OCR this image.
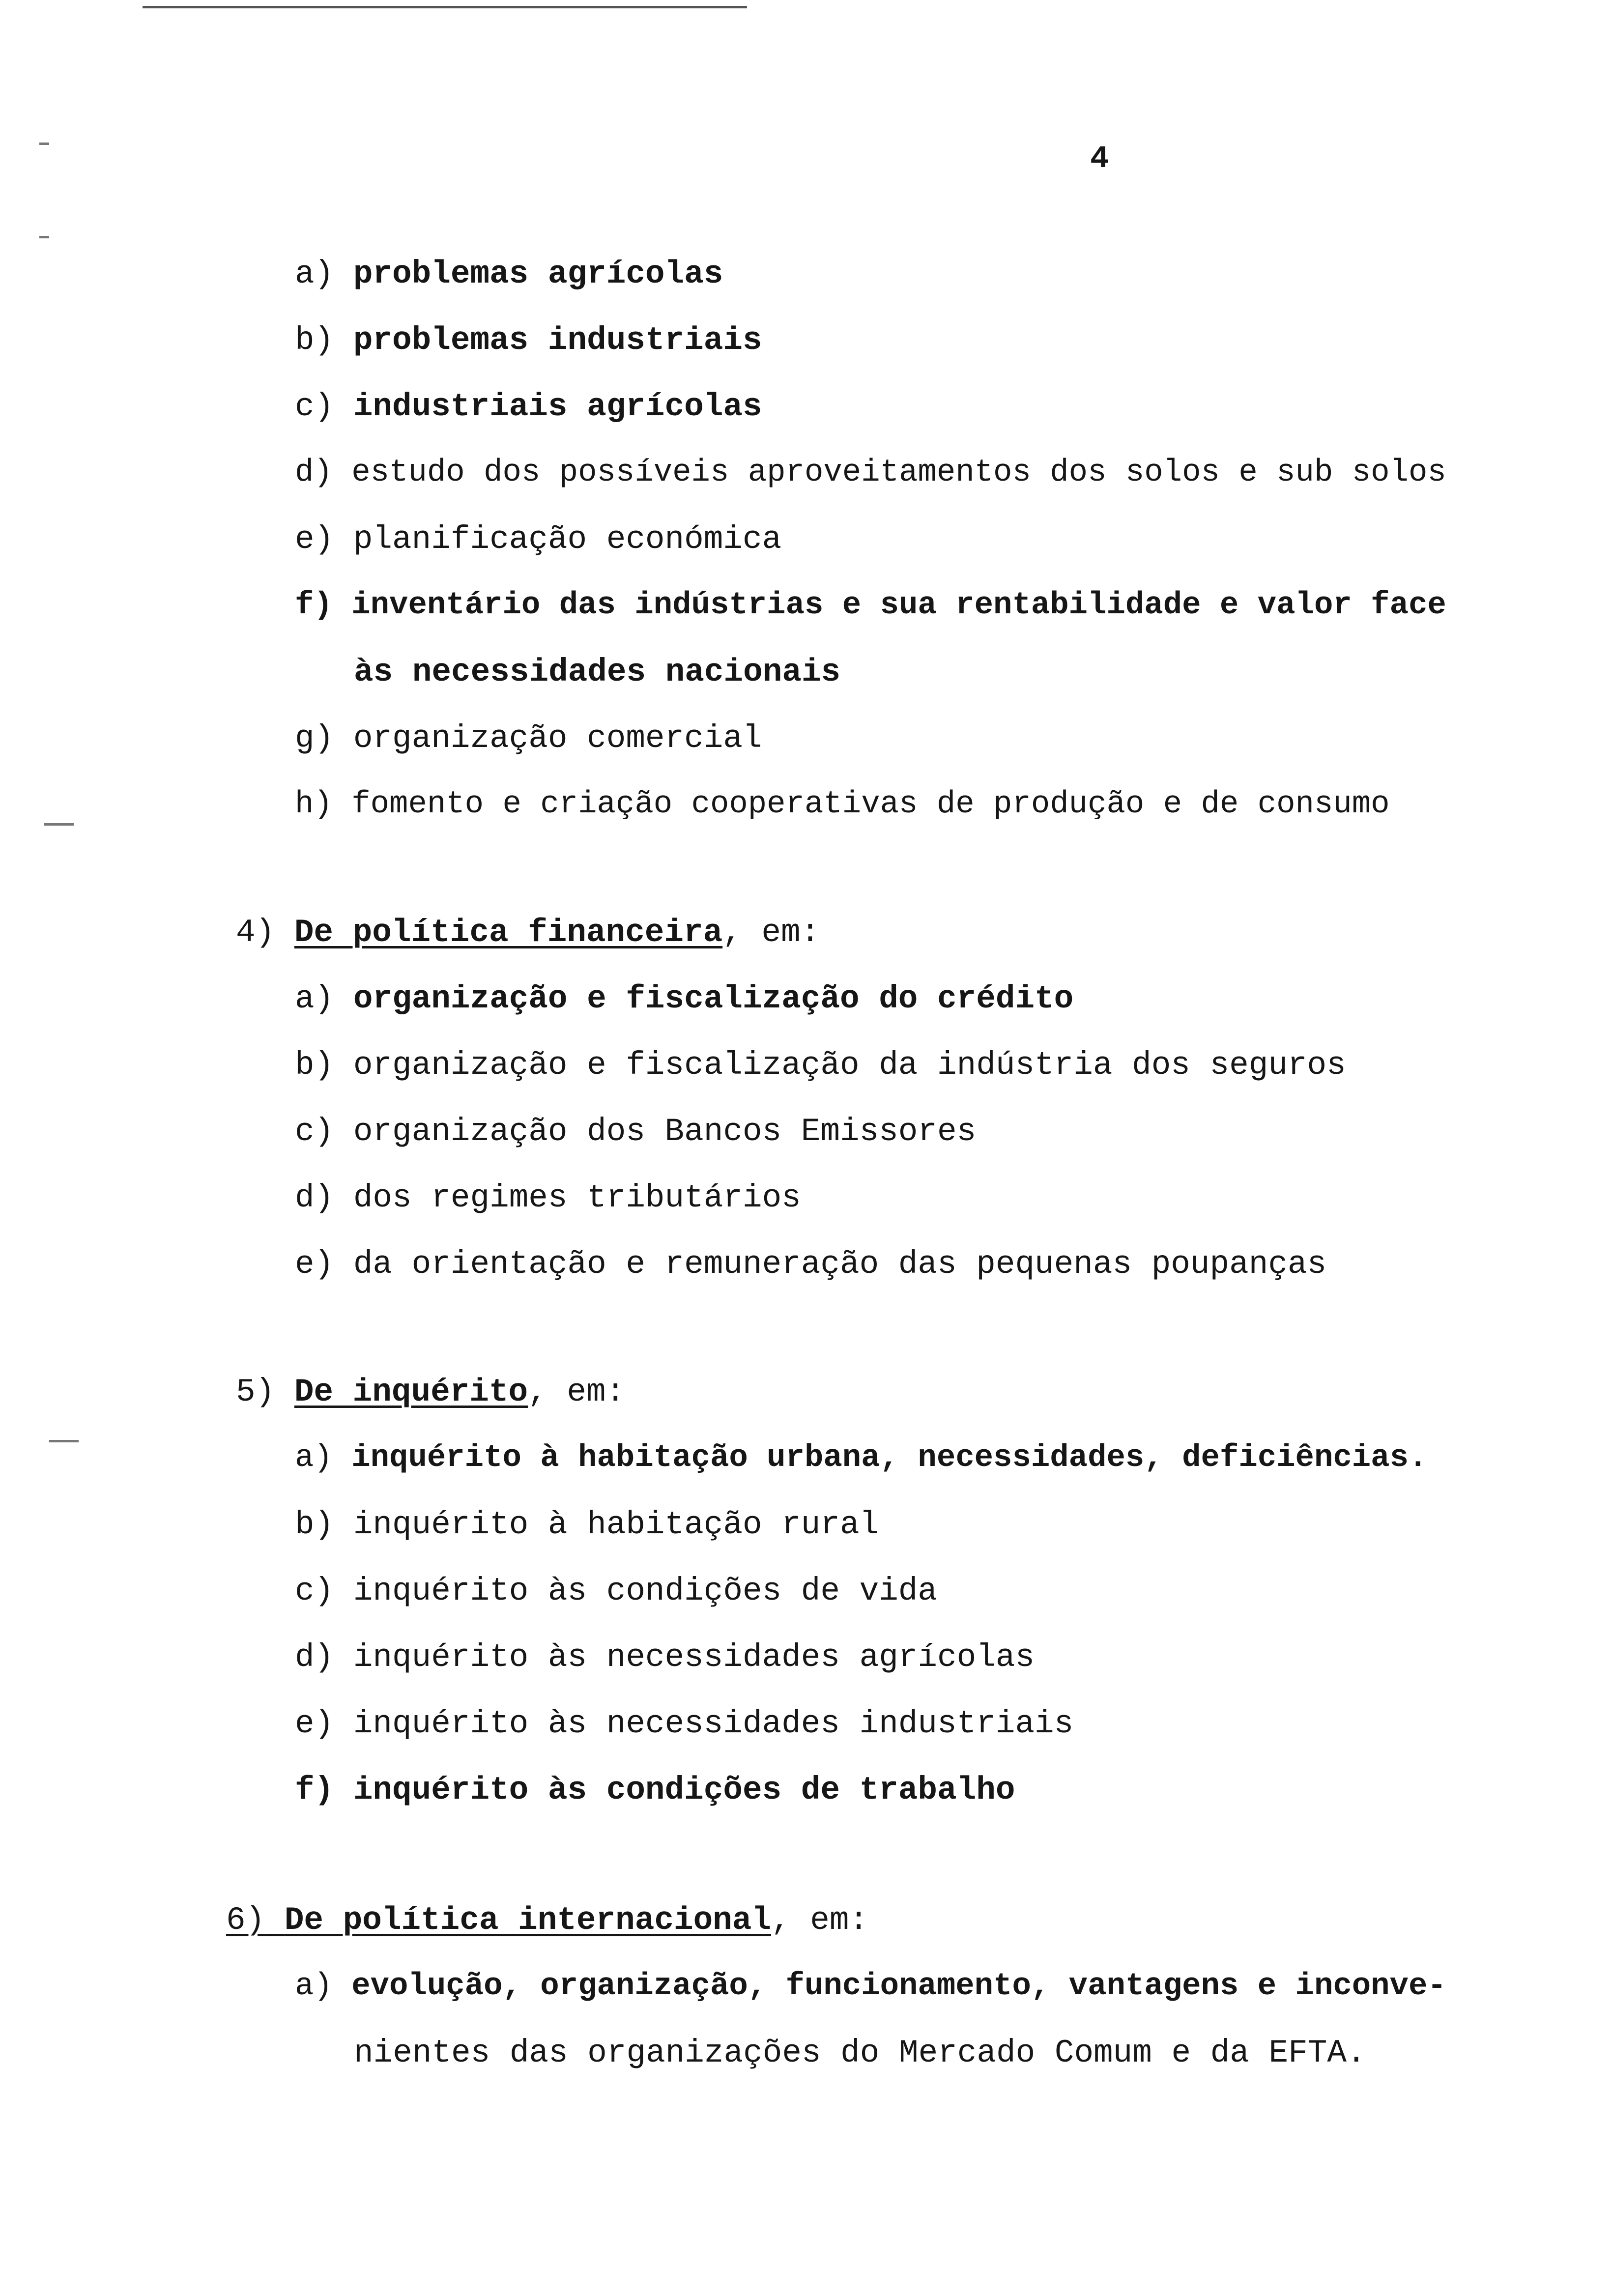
4
a) problemas agrícolas
b) problemas industriais
c) industriais agrícolas
d) estudo dos possíveis aproveitamentos dos solos e sub solos
e) planificação económica
f) inventário das indústrias e sua rentabilidade e valor face
às necessidades nacionais
g) organização comercial
h) fomento e criação cooperativas de produção e de consumo
4) De política financeira, em:
a) organização e fiscalização do crédito
b) organização e fiscalização da indústria dos seguros
c) organização dos Bancos Emissores
d) dos regimes tributários
e) da orientação e remuneração das pequenas poupanças
5) De inquérito, em:
a) inquérito à habitação urbana, necessidades, deficiências.
b) inquérito à habitação rural
c) inquérito às condições de vida
d) inquérito às necessidades agrícolas
e) inquérito às necessidades industriais
f) inquérito às condições de trabalho
6) De política internacional, em:
a) evolução, organização, funcionamento, vantagens e inconve-
nientes das organizações do Mercado Comum e da EFTA.
